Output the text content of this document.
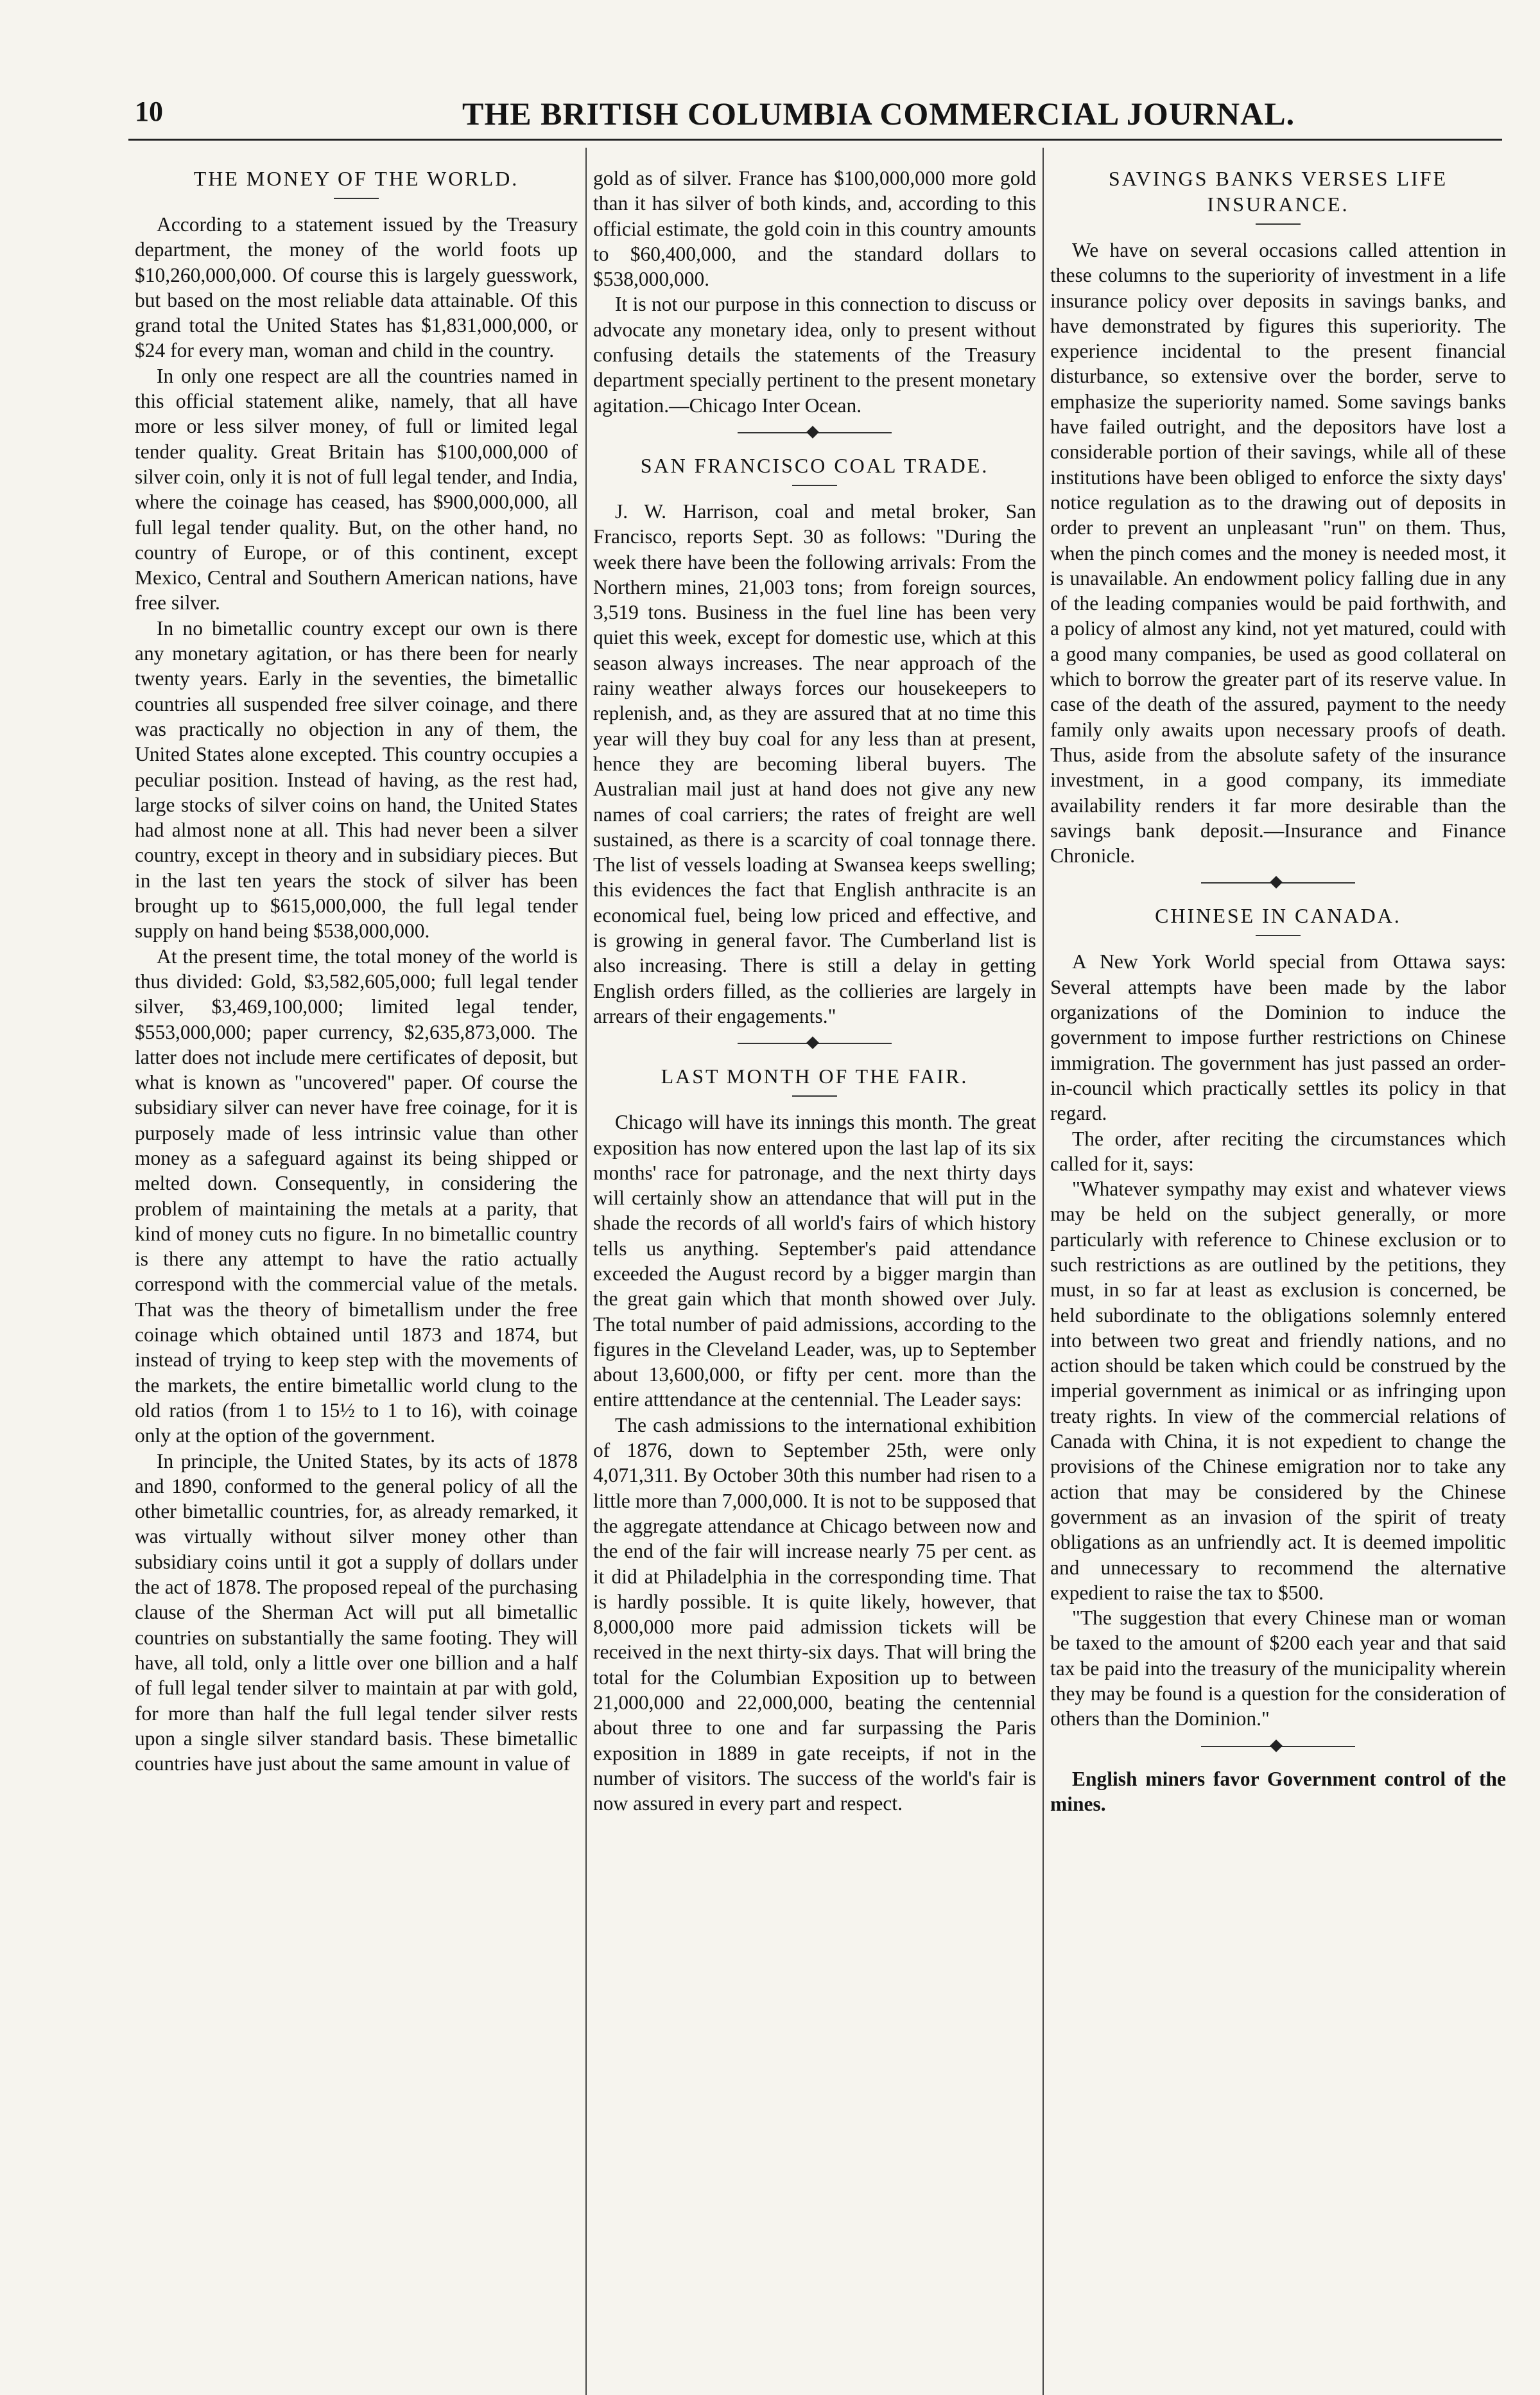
10	THE BRITISH COLUMBIA COMMERCIAL JOURNAL.
THE MONEY OF THE WORLD.

According to a statement issued by the Treasury department, the money of the world foots up $10,260,000,000. Of course this is largely guesswork, but based on the most reliable data attainable. Of this grand total the United States has $1,831,000,000, or $24 for every man, woman and child in the country.

In only one respect are all the countries named in this official statement alike, namely, that all have more or less silver money, of full or limited legal tender quality. Great Britain has $100,000,000 of silver coin, only it is not of full legal tender, and India, where the coinage has ceased, has $900,000,000, all full legal tender quality. But, on the other hand, no country of Europe, or of this continent, except Mexico, Central and Southern American nations, have free silver.

In no bimetallic country except our own is there any monetary agitation, or has there been for nearly twenty years. Early in the seventies, the bimetallic countries all suspended free silver coinage, and there was practically no objection in any of them, the United States alone excepted. This country occupies a peculiar position. Instead of having, as the rest had, large stocks of silver coins on hand, the United States had almost none at all. This had never been a silver country, except in theory and in subsidiary pieces. But in the last ten years the stock of silver has been brought up to $615,000,000, the full legal tender supply on hand being $538,000,000.

At the present time, the total money of the world is thus divided: Gold, $3,582,605,000; full legal tender silver, $3,469,100,000; limited legal tender, $553,000,000; paper currency, $2,635,873,000. The latter does not include mere certificates of deposit, but what is known as "uncovered" paper. Of course the subsidiary silver can never have free coinage, for it is purposely made of less intrinsic value than other money as a safeguard against its being shipped or melted down. Consequently, in considering the problem of maintaining the metals at a parity, that kind of money cuts no figure. In no bimetallic country is there any attempt to have the ratio actually correspond with the commercial value of the metals. That was the theory of bimetallism under the free coinage which obtained until 1873 and 1874, but instead of trying to keep step with the movements of the markets, the entire bimetallic world clung to the old ratios (from 1 to 15½ to 1 to 16), with coinage only at the option of the government.

In principle, the United States, by its acts of 1878 and 1890, conformed to the general policy of all the other bimetallic countries, for, as already remarked, it was virtually without silver money other than subsidiary coins until it got a supply of dollars under the act of 1878. The proposed repeal of the purchasing clause of the Sherman Act will put all bimetallic countries on substantially the same footing. They will have, all told, only a little over one billion and a half of full legal tender silver to maintain at par with gold, for more than half the full legal tender silver rests upon a single silver standard basis. These bimetallic countries have just about the same amount in value of

gold as of silver. France has $100,000,000 more gold than it has silver of both kinds, and, according to this official estimate, the gold coin in this country amounts to $60,400,000, and the standard dollars to $538,000,000.

It is not our purpose in this connection to discuss or advocate any monetary idea, only to present without confusing details the statements of the Treasury department specially pertinent to the present monetary agitation.—Chicago Inter Ocean.

SAN FRANCISCO COAL TRADE.

J. W. Harrison, coal and metal broker, San Francisco, reports Sept. 30 as follows: "During the week there have been the following arrivals: From the Northern mines, 21,003 tons; from foreign sources, 3,519 tons. Business in the fuel line has been very quiet this week, except for domestic use, which at this season always increases. The near approach of the rainy weather always forces our housekeepers to replenish, and, as they are assured that at no time this year will they buy coal for any less than at present, hence they are becoming liberal buyers. The Australian mail just at hand does not give any new names of coal carriers; the rates of freight are well sustained, as there is a scarcity of coal tonnage there. The list of vessels loading at Swansea keeps swelling; this evidences the fact that English anthracite is an economical fuel, being low priced and effective, and is growing in general favor. The Cumberland list is also increasing. There is still a delay in getting English orders filled, as the collieries are largely in arrears of their engagements."

LAST MONTH OF THE FAIR.

Chicago will have its innings this month. The great exposition has now entered upon the last lap of its six months' race for patronage, and the next thirty days will certainly show an attendance that will put in the shade the records of all world's fairs of which history tells us anything. September's paid attendance exceeded the August record by a bigger margin than the great gain which that month showed over July. The total number of paid admissions, according to the figures in the Cleveland Leader, was, up to September about 13,600,000, or fifty per cent. more than the entire atttendance at the centennial. The Leader says:

The cash admissions to the international exhibition of 1876, down to September 25th, were only 4,071,311. By October 30th this number had risen to a little more than 7,000,000. It is not to be supposed that the aggregate attendance at Chicago between now and the end of the fair will increase nearly 75 per cent. as it did at Philadelphia in the corresponding time. That is hardly possible. It is quite likely, however, that 8,000,000 more paid admission tickets will be received in the next thirty-six days. That will bring the total for the Columbian Exposition up to between 21,000,000 and 22,000,000, beating the centennial about three to one and far surpassing the Paris exposition in 1889 in gate receipts, if not in the number of visitors. The success of the world's fair is now assured in every part and respect.

SAVINGS BANKS VERSES LIFE INSURANCE.

We have on several occasions called attention in these columns to the superiority of investment in a life insurance policy over deposits in savings banks, and have demonstrated by figures this superiority. The experience incidental to the present financial disturbance, so extensive over the border, serve to emphasize the superiority named. Some savings banks have failed outright, and the depositors have lost a considerable portion of their savings, while all of these institutions have been obliged to enforce the sixty days' notice regulation as to the drawing out of deposits in order to prevent an unpleasant "run" on them. Thus, when the pinch comes and the money is needed most, it is unavailable. An endowment policy falling due in any of the leading companies would be paid forthwith, and a policy of almost any kind, not yet matured, could with a good many companies, be used as good collateral on which to borrow the greater part of its reserve value. In case of the death of the assured, payment to the needy family only awaits upon necessary proofs of death. Thus, aside from the absolute safety of the insurance investment, in a good company, its immediate availability renders it far more desirable than the savings bank deposit.—Insurance and Finance Chronicle.

CHINESE IN CANADA.

A New York World special from Ottawa says: Several attempts have been made by the labor organizations of the Dominion to induce the government to impose further restrictions on Chinese immigration. The government has just passed an order-in-council which practically settles its policy in that regard.

The order, after reciting the circumstances which called for it, says:

"Whatever sympathy may exist and whatever views may be held on the subject generally, or more particularly with reference to Chinese exclusion or to such restrictions as are outlined by the petitions, they must, in so far at least as exclusion is concerned, be held subordinate to the obligations solemnly entered into between two great and friendly nations, and no action should be taken which could be construed by the imperial government as inimical or as infringing upon treaty rights. In view of the commercial relations of Canada with China, it is not expedient to change the provisions of the Chinese emigration nor to take any action that may be considered by the Chinese government as an invasion of the spirit of treaty obligations as an unfriendly act. It is deemed impolitic and unnecessary to recommend the alternative expedient to raise the tax to $500.

"The suggestion that every Chinese man or woman be taxed to the amount of $200 each year and that said tax be paid into the treasury of the municipality wherein they may be found is a question for the consideration of others than the Dominion."

English miners favor Government control of the mines.
